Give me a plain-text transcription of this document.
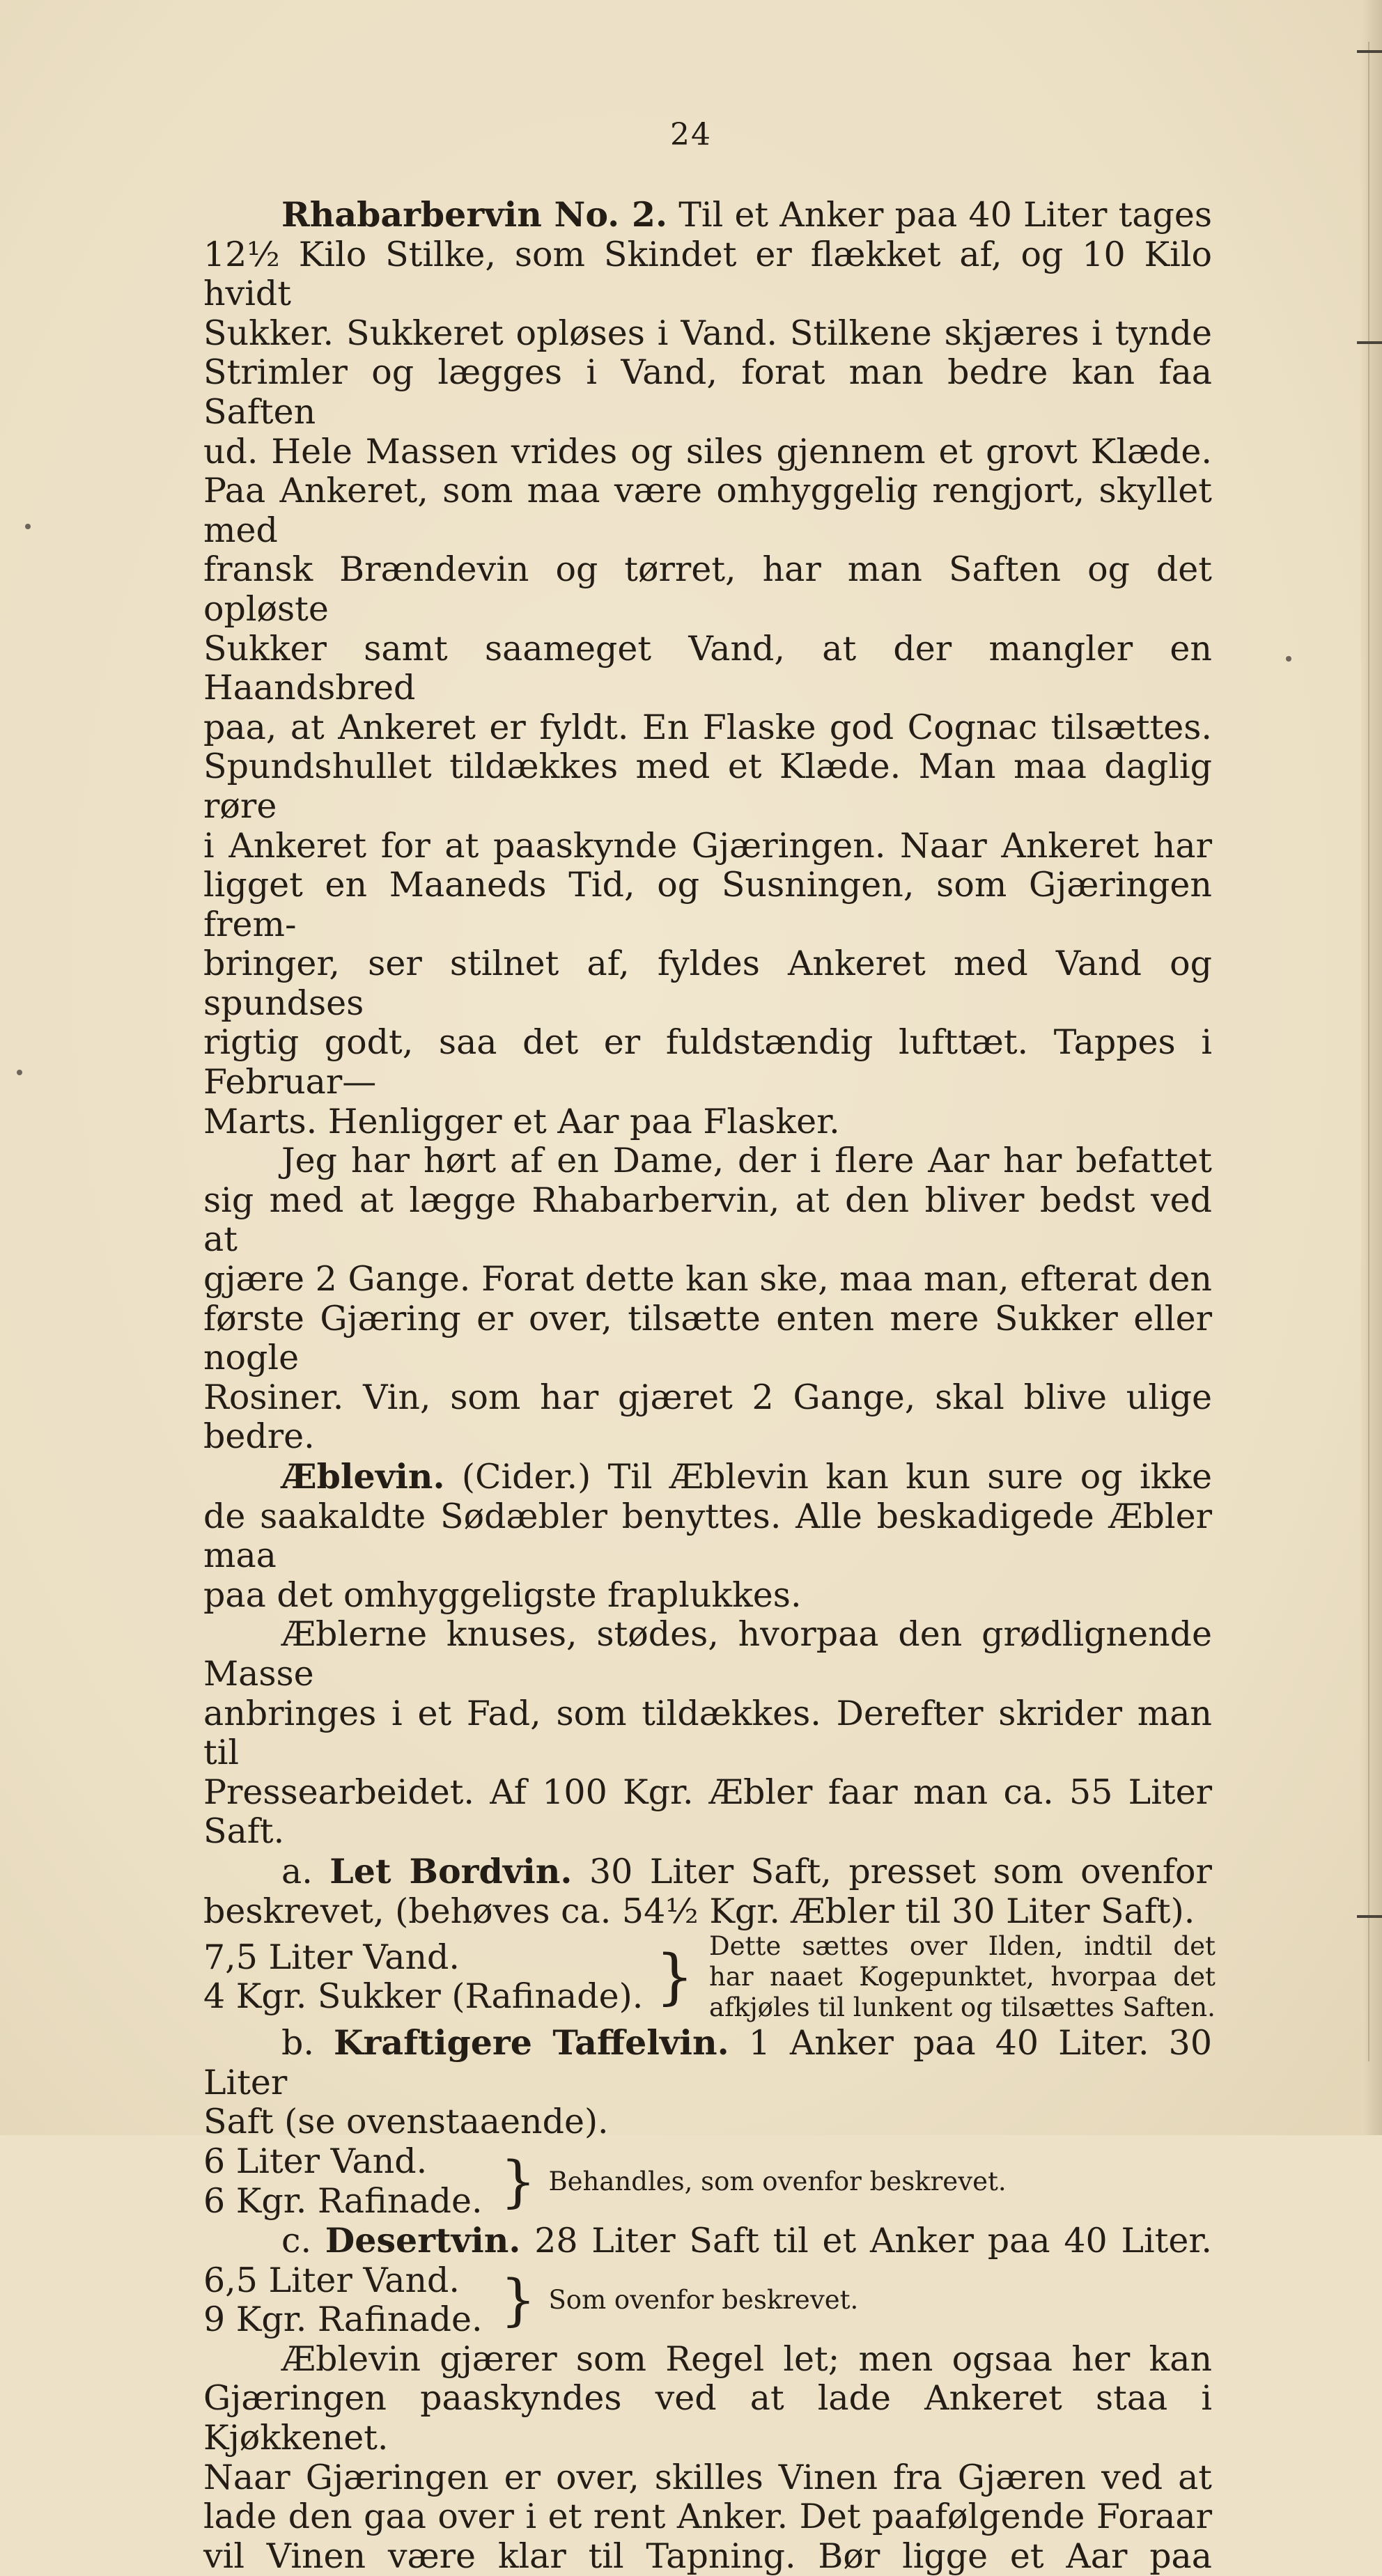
24

Rhabarbervin No. 2. Til et Anker paa 40 Liter tages

12½ Kilo Stilke, som Skindet er flækket af, og 10 Kilo hvidt

Sukker. Sukkeret opløses i Vand. Stilkene skjæres i tynde

Strimler og lægges i Vand, forat man bedre kan faa Saften

ud. Hele Massen vrides og siles gjennem et grovt Klæde.

Paa Ankeret, som maa være omhyggelig rengjort, skyllet med

fransk Brændevin og tørret, har man Saften og det opløste

Sukker samt saameget Vand, at der mangler en Haandsbred

paa, at Ankeret er fyldt. En Flaske god Cognac tilsættes.

Spundshullet tildækkes med et Klæde. Man maa daglig røre

i Ankeret for at paaskynde Gjæringen. Naar Ankeret har

ligget en Maaneds Tid, og Susningen, som Gjæringen frem-

bringer, ser stilnet af, fyldes Ankeret med Vand og spundses

rigtig godt, saa det er fuldstændig lufttæt. Tappes i Februar—

Marts. Henligger et Aar paa Flasker.

Jeg har hørt af en Dame, der i flere Aar har befattet

sig med at lægge Rhabarbervin, at den bliver bedst ved at

gjære 2 Gange. Forat dette kan ske, maa man, efterat den

første Gjæring er over, tilsætte enten mere Sukker eller nogle

Rosiner. Vin, som har gjæret 2 Gange, skal blive ulige bedre.

Æblevin. (Cider.) Til Æblevin kan kun sure og ikke

de saakaldte Sødæbler benyttes. Alle beskadigede Æbler maa

paa det omhyggeligste fraplukkes.

Æblerne knuses, stødes, hvorpaa den grødlignende Masse

anbringes i et Fad, som tildækkes. Derefter skrider man til

Pressearbeidet. Af 100 Kgr. Æbler faar man ca. 55 Liter Saft.

a. Let Bordvin. 30 Liter Saft, presset som ovenfor

beskrevet, (behøves ca. 54½ Kgr. Æbler til 30 Liter Saft).

7,5 Liter Vand.
4 Kgr. Sukker (Rafinade). } Dette sættes over Ilden, indtil det
har naaet Kogepunktet, hvorpaa det
afkjøles til lunkent og tilsættes Saften.

b. Kraftigere Taffelvin. 1 Anker paa 40 Liter. 30 Liter

Saft (se ovenstaaende).

6 Liter Vand.
6 Kgr. Rafinade. } Behandles, som ovenfor beskrevet.

c. Desertvin. 28 Liter Saft til et Anker paa 40 Liter.

6,5 Liter Vand.
9 Kgr. Rafinade. } Som ovenfor beskrevet.

Æblevin gjærer som Regel let; men ogsaa her kan

Gjæringen paaskyndes ved at lade Ankeret staa i Kjøkkenet.

Naar Gjæringen er over, skilles Vinen fra Gjæren ved at

lade den gaa over i et rent Anker. Det paafølgende Foraar

vil Vinen være klar til Tapning. Bør ligge et Aar paa
